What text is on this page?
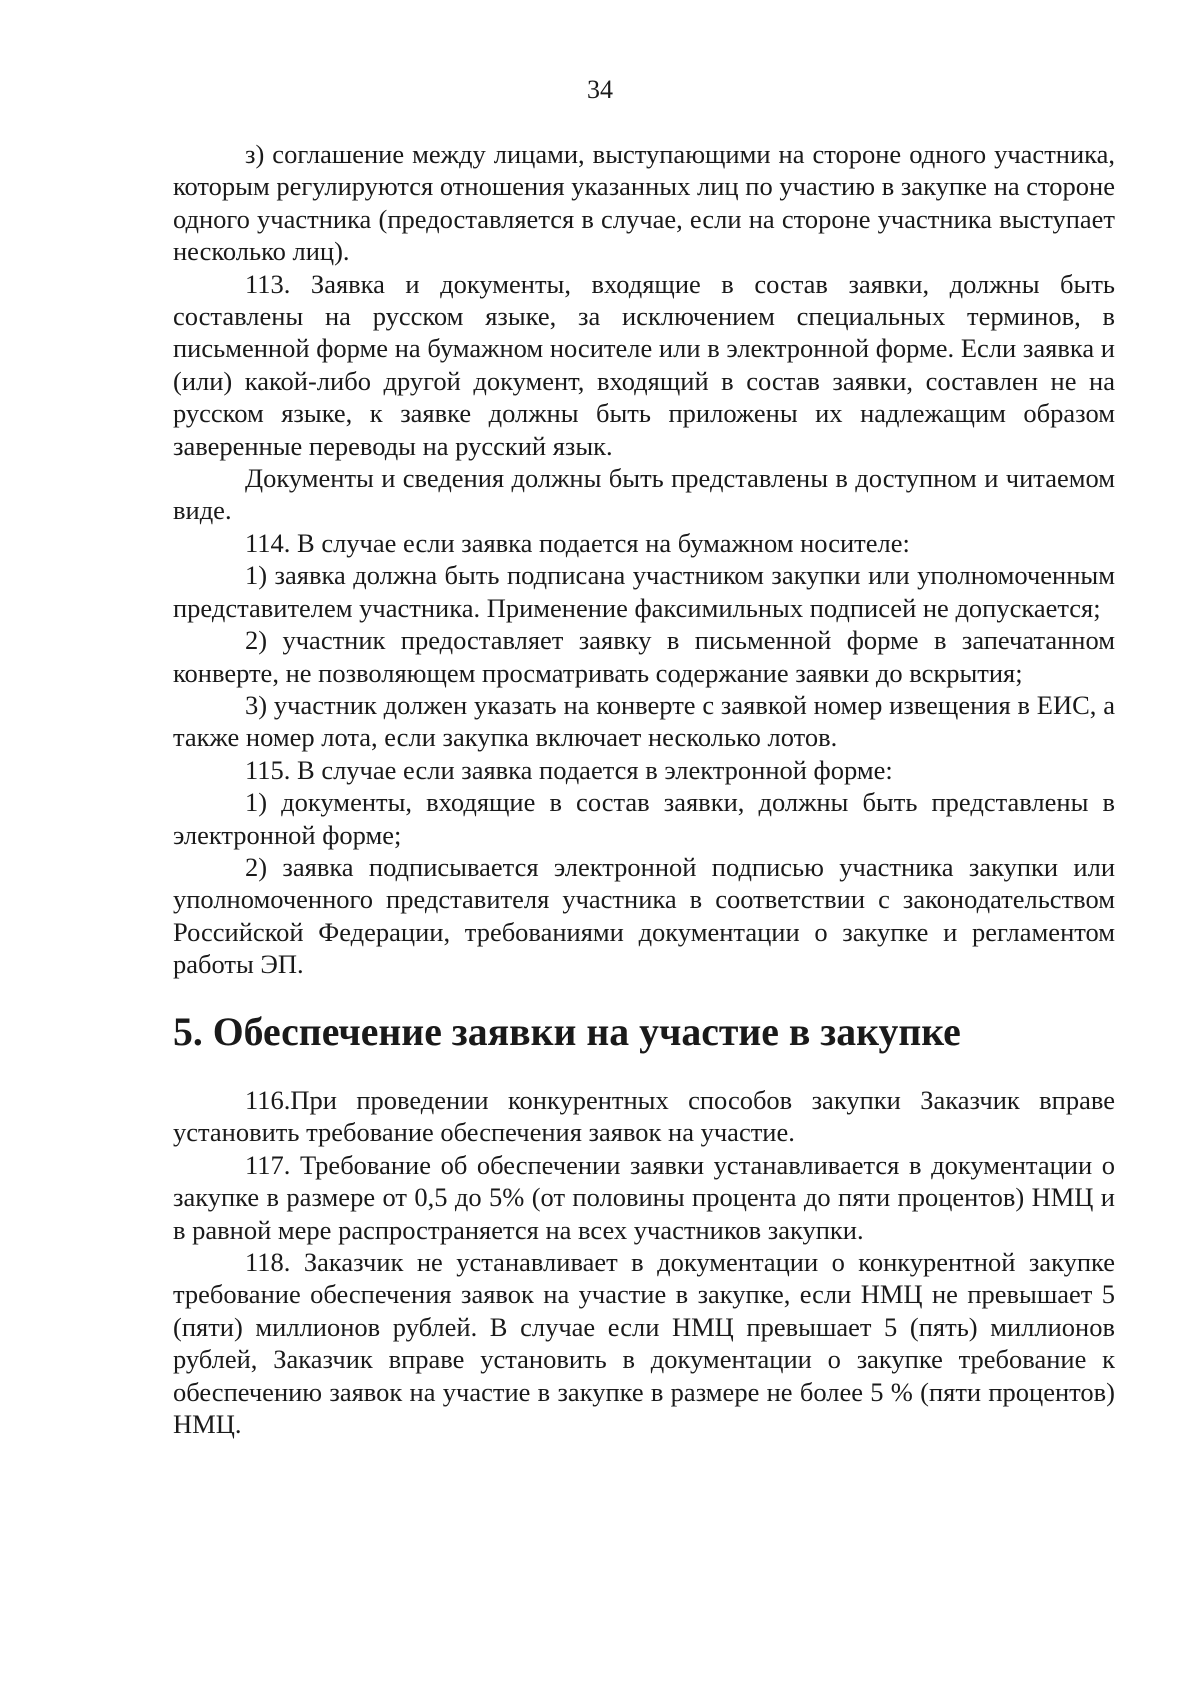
34

з) соглашение между лицами, выступающими на стороне одного участника, которым регулируются отношения указанных лиц по участию в закупке на стороне одного участника (предоставляется в случае, если на стороне участника выступает несколько лиц).

113. Заявка и документы, входящие в состав заявки, должны быть составлены на русском языке, за исключением специальных терминов, в письменной форме на бумажном носителе или в электронной форме. Если заявка и (или) какой-либо другой документ, входящий в состав заявки, составлен не на русском языке, к заявке должны быть приложены их надлежащим образом заверенные переводы на русский язык.

Документы и сведения должны быть представлены в доступном и читаемом виде.

114. В случае если заявка подается на бумажном носителе:

1) заявка должна быть подписана участником закупки или уполномоченным представителем участника. Применение факсимильных подписей не допускается;

2) участник предоставляет заявку в письменной форме в запечатанном конверте, не позволяющем просматривать содержание заявки до вскрытия;

3) участник должен указать на конверте с заявкой номер извещения в ЕИС, а также номер лота, если закупка включает несколько лотов.

115. В случае если заявка подается в электронной форме:

1) документы, входящие в состав заявки, должны быть представлены в электронной форме;

2) заявка подписывается электронной подписью участника закупки или уполномоченного представителя участника в соответствии с законодательством Российской Федерации, требованиями документации о закупке и регламентом работы ЭП.

5. Обеспечение заявки на участие в закупке

116.При проведении конкурентных способов закупки Заказчик вправе установить требование обеспечения заявок на участие.

117. Требование об обеспечении заявки устанавливается в документации о закупке в размере от 0,5 до 5% (от половины процента до пяти процентов) НМЦ и в равной мере распространяется на всех участников закупки.

118. Заказчик не устанавливает в документации о конкурентной закупке требование обеспечения заявок на участие в закупке, если НМЦ не превышает 5 (пяти) миллионов рублей. В случае если НМЦ превышает 5 (пять) миллионов рублей, Заказчик вправе установить в документации о закупке требование к обеспечению заявок на участие в закупке в размере не более 5 % (пяти процентов) НМЦ.
